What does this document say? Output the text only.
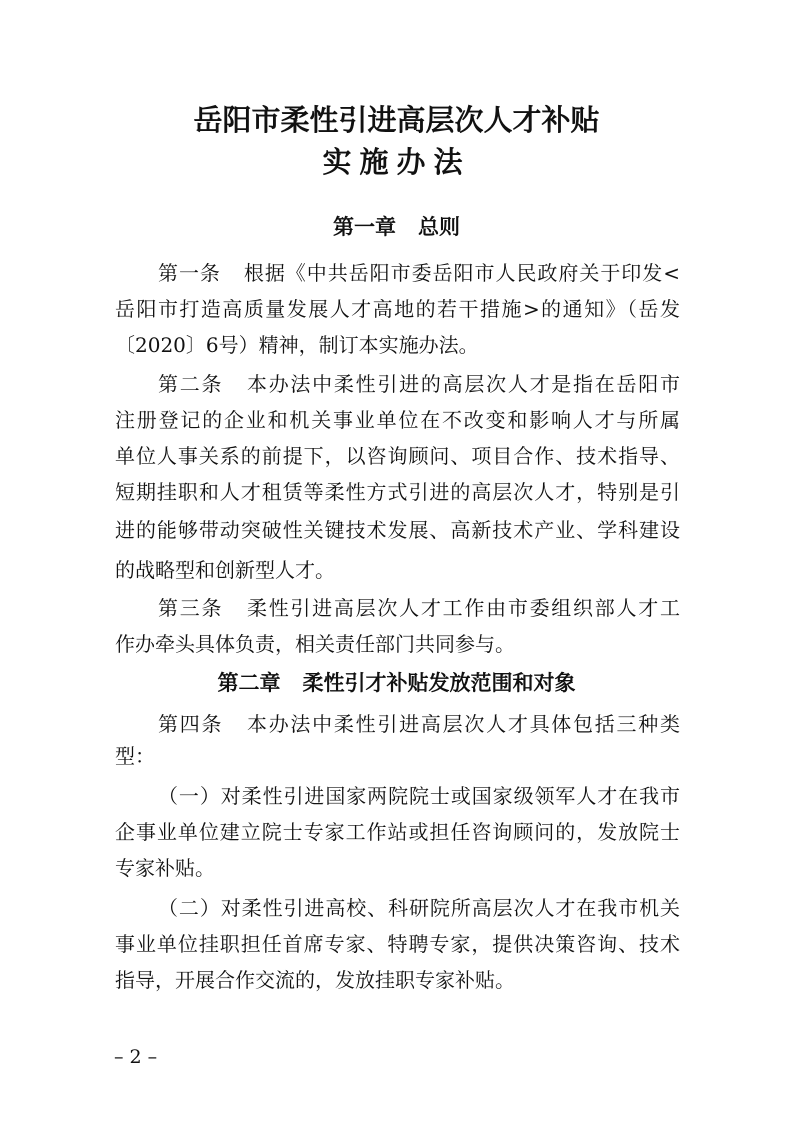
岳阳市柔性引进高层次人才补贴
实施办法
第一章 总则
第一条 根据《中共岳阳市委岳阳市人民政府关于印发<
岳阳市打造高质量发展人才高地的若干措施>的通知》（岳发
〔2020〕6号）精神，制订本实施办法。
第二条 本办法中柔性引进的高层次人才是指在岳阳市
注册登记的企业和机关事业单位在不改变和影响人才与所属
单位人事关系的前提下，以咨询顾问、项目合作、技术指导、
短期挂职和人才租赁等柔性方式引进的高层次人才，特别是引
进的能够带动突破性关键技术发展、高新技术产业、学科建设
的战略型和创新型人才。
第三条 柔性引进高层次人才工作由市委组织部人才工
作办牵头具体负责，相关责任部门共同参与。
第二章 柔性引才补贴发放范围和对象
第四条 本办法中柔性引进高层次人才具体包括三种类
型：
（一）对柔性引进国家两院院士或国家级领军人才在我市
企事业单位建立院士专家工作站或担任咨询顾问的，发放院士
专家补贴。
（二）对柔性引进高校、科研院所高层次人才在我市机关
事业单位挂职担任首席专家、特聘专家，提供决策咨询、技术
指导，开展合作交流的，发放挂职专家补贴。
– 2 –
